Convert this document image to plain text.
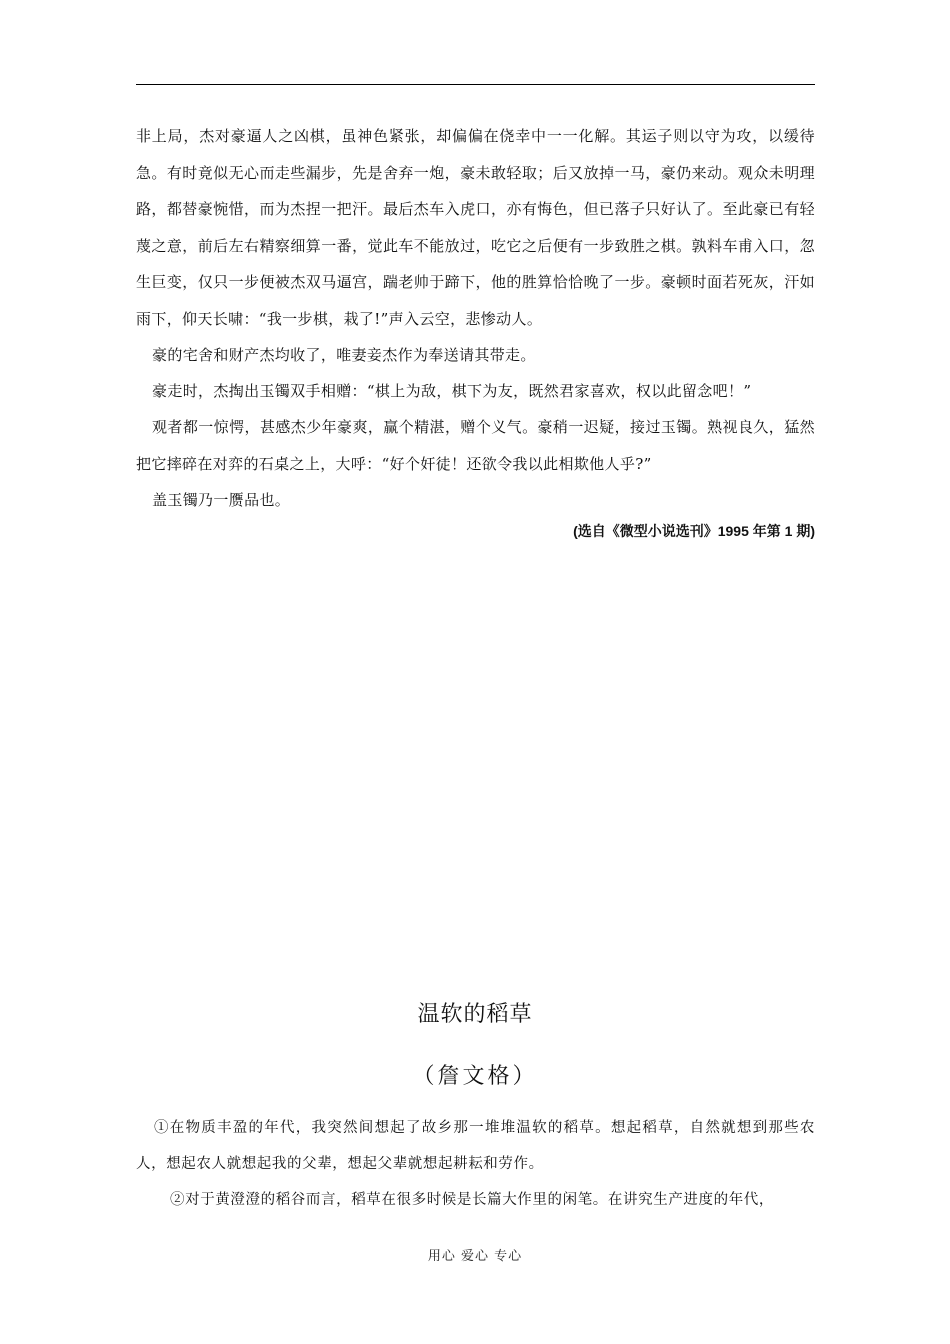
非上局，杰对豪逼人之凶棋，虽神色紧张，却偏偏在侥幸中一一化解。其运子则以守为攻，以缓待急。有时竟似无心而走些漏步，先是舍弃一炮，豪未敢轻取；后又放掉一马，豪仍来动。观众未明理路，都替豪惋惜，而为杰捏一把汗。最后杰车入虎口，亦有悔色，但已落子只好认了。至此豪已有轻蔑之意，前后左右精察细算一番，觉此车不能放过，吃它之后便有一步致胜之棋。孰料车甫入口，忽生巨变，仅只一步便被杰双马逼宫，踹老帅于蹄下，他的胜算恰恰晚了一步。豪顿时面若死灰，汗如雨下，仰天长啸：“我一步棋，栽了!”声入云空，悲惨动人。

豪的宅舍和财产杰均收了，唯妻妾杰作为奉送请其带走。

豪走时，杰掏出玉镯双手相赠：“棋上为敌，棋下为友，既然君家喜欢，权以此留念吧！”

观者都一惊愕，甚感杰少年豪爽，赢个精湛，赠个义气。豪稍一迟疑，接过玉镯。熟视良久，猛然把它摔碎在对弈的石桌之上，大呼：“好个奸徒！还欲令我以此相欺他人乎?”

盖玉镯乃一赝品也。

(选自《微型小说选刊》1995 年第 1 期)
温软的稻草
（詹文格）

①在物质丰盈的年代，我突然间想起了故乡那一堆堆温软的稻草。想起稻草，自然就想到那些农人，想起农人就想起我的父辈，想起父辈就想起耕耘和劳作。

②对于黄澄澄的稻谷而言，稻草在很多时候是长篇大作里的闲笔。在讲究生产进度的年代，

用心 爱心 专心
